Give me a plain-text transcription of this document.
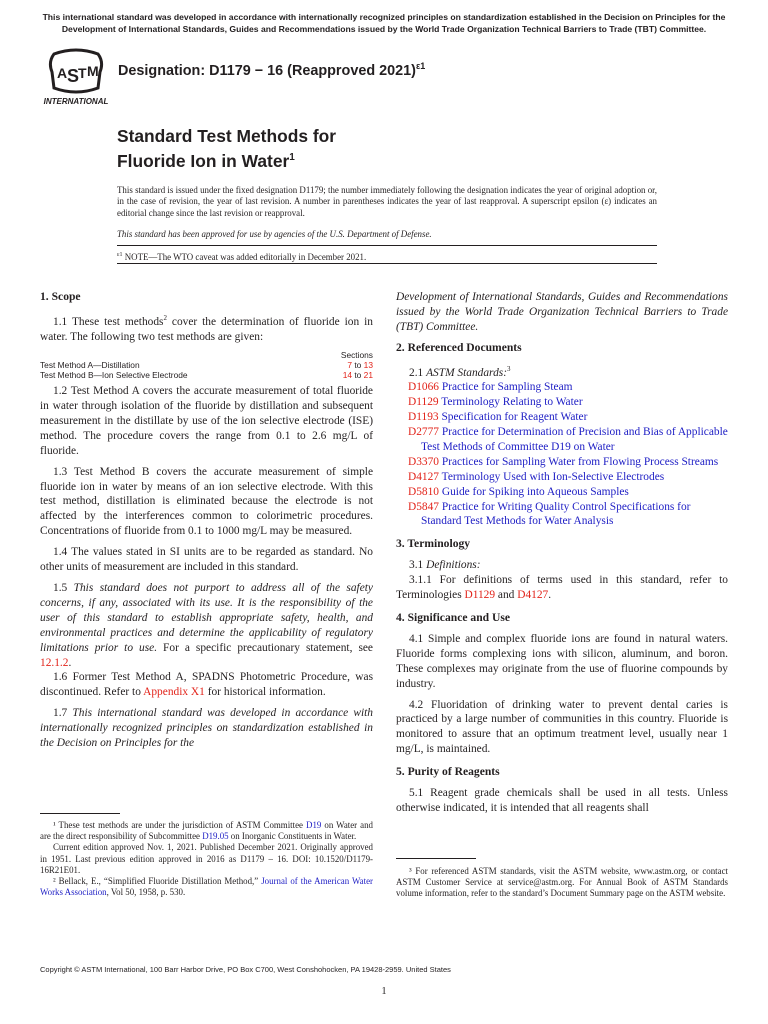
This international standard was developed in accordance with internationally recognized principles on standardization established in the Decision on Principles for the Development of International Standards, Guides and Recommendations issued by the World Trade Organization Technical Barriers to Trade (TBT) Committee.
A S
T M
INTERNATIONAL
Designation: D1179 − 16 (Reapproved 2021)$^{\varepsilon 1}$
Standard Test Methods for
Fluoride Ion in Water$^1$
This standard is issued under the fixed designation D1179; the number immediately following the designation indicates the year of original adoption or, in the case of revision, the year of last revision. A number in parentheses indicates the year of last reapproval. A superscript epsilon (ε) indicates an editorial change since the last revision or reapproval.
This standard has been approved for use by agencies of the U.S. Department of Defense.
$^{\varepsilon 1}$ NOTE—The WTO caveat was added editorially in December 2021.
1. Scope

1.1 These test methods$^2$ cover the determination of fluoride ion in water. The following two test methods are given:

	Sections
Test Method A—Distillation	7 to 13
Test Method B—Ion Selective Electrode	14 to 21

1.2 Test Method A covers the accurate measurement of total fluoride in water through isolation of the fluoride by distillation and subsequent measurement in the distillate by use of the ion selective electrode (ISE) method. The procedure covers the range from 0.1 to 2.6 mg/L of fluoride.

1.3 Test Method B covers the accurate measurement of simple fluoride ion in water by means of an ion selective electrode. With this test method, distillation is eliminated because the electrode is not affected by the interferences common to colorimetric procedures. Concentrations of fluoride from 0.1 to 1000 mg/L may be measured.

1.4 The values stated in SI units are to be regarded as standard. No other units of measurement are included in this standard.

1.5 This standard does not purport to address all of the safety concerns, if any, associated with its use. It is the responsibility of the user of this standard to establish appropriate safety, health, and environmental practices and determine the applicability of regulatory limitations prior to use. For a specific precautionary statement, see 12.1.2.

1.6 Former Test Method A, SPADNS Photometric Procedure, was discontinued. Refer to Appendix X1 for historical information.

1.7 This international standard was developed in accordance with internationally recognized principles on standardization established in the Decision on Principles for the

Development of International Standards, Guides and Recommendations issued by the World Trade Organization Technical Barriers to Trade (TBT) Committee.

2. Referenced Documents

2.1 ASTM Standards:$^3$

D1066 Practice for Sampling Steam
D1129 Terminology Relating to Water
D1193 Specification for Reagent Water
D2777 Practice for Determination of Precision and Bias of Applicable Test Methods of Committee D19 on Water
D3370 Practices for Sampling Water from Flowing Process Streams
D4127 Terminology Used with Ion-Selective Electrodes
D5810 Guide for Spiking into Aqueous Samples
D5847 Practice for Writing Quality Control Specifications for Standard Test Methods for Water Analysis
3. Terminology

3.1 Definitions:

3.1.1 For definitions of terms used in this standard, refer to Terminologies D1129 and D4127.

4. Significance and Use

4.1 Simple and complex fluoride ions are found in natural waters. Fluoride forms complexing ions with silicon, aluminum, and boron. These complexes may originate from the use of fluorine compounds by industry.

4.2 Fluoridation of drinking water to prevent dental caries is practiced by a large number of communities in this country. Fluoride is monitored to assure that an optimum treatment level, usually near 1 mg/L, is maintained.

5. Purity of Reagents

5.1 Reagent grade chemicals shall be used in all tests. Unless otherwise indicated, it is intended that all reagents shall

¹ These test methods are under the jurisdiction of ASTM Committee D19 on Water and are the direct responsibility of Subcommittee D19.05 on Inorganic Constituents in Water.

Current edition approved Nov. 1, 2021. Published December 2021. Originally approved in 1951. Last previous edition approved in 2016 as D1179 – 16. DOI: 10.1520/D1179-16R21E01.

² Bellack, E., “Simplified Fluoride Distillation Method,” Journal of the American Water Works Association, Vol 50, 1958, p. 530.

³ For referenced ASTM standards, visit the ASTM website, www.astm.org, or contact ASTM Customer Service at service@astm.org. For Annual Book of ASTM Standards volume information, refer to the standard’s Document Summary page on the ASTM website.

Copyright © ASTM International, 100 Barr Harbor Drive, PO Box C700, West Conshohocken, PA 19428-2959. United States
1
